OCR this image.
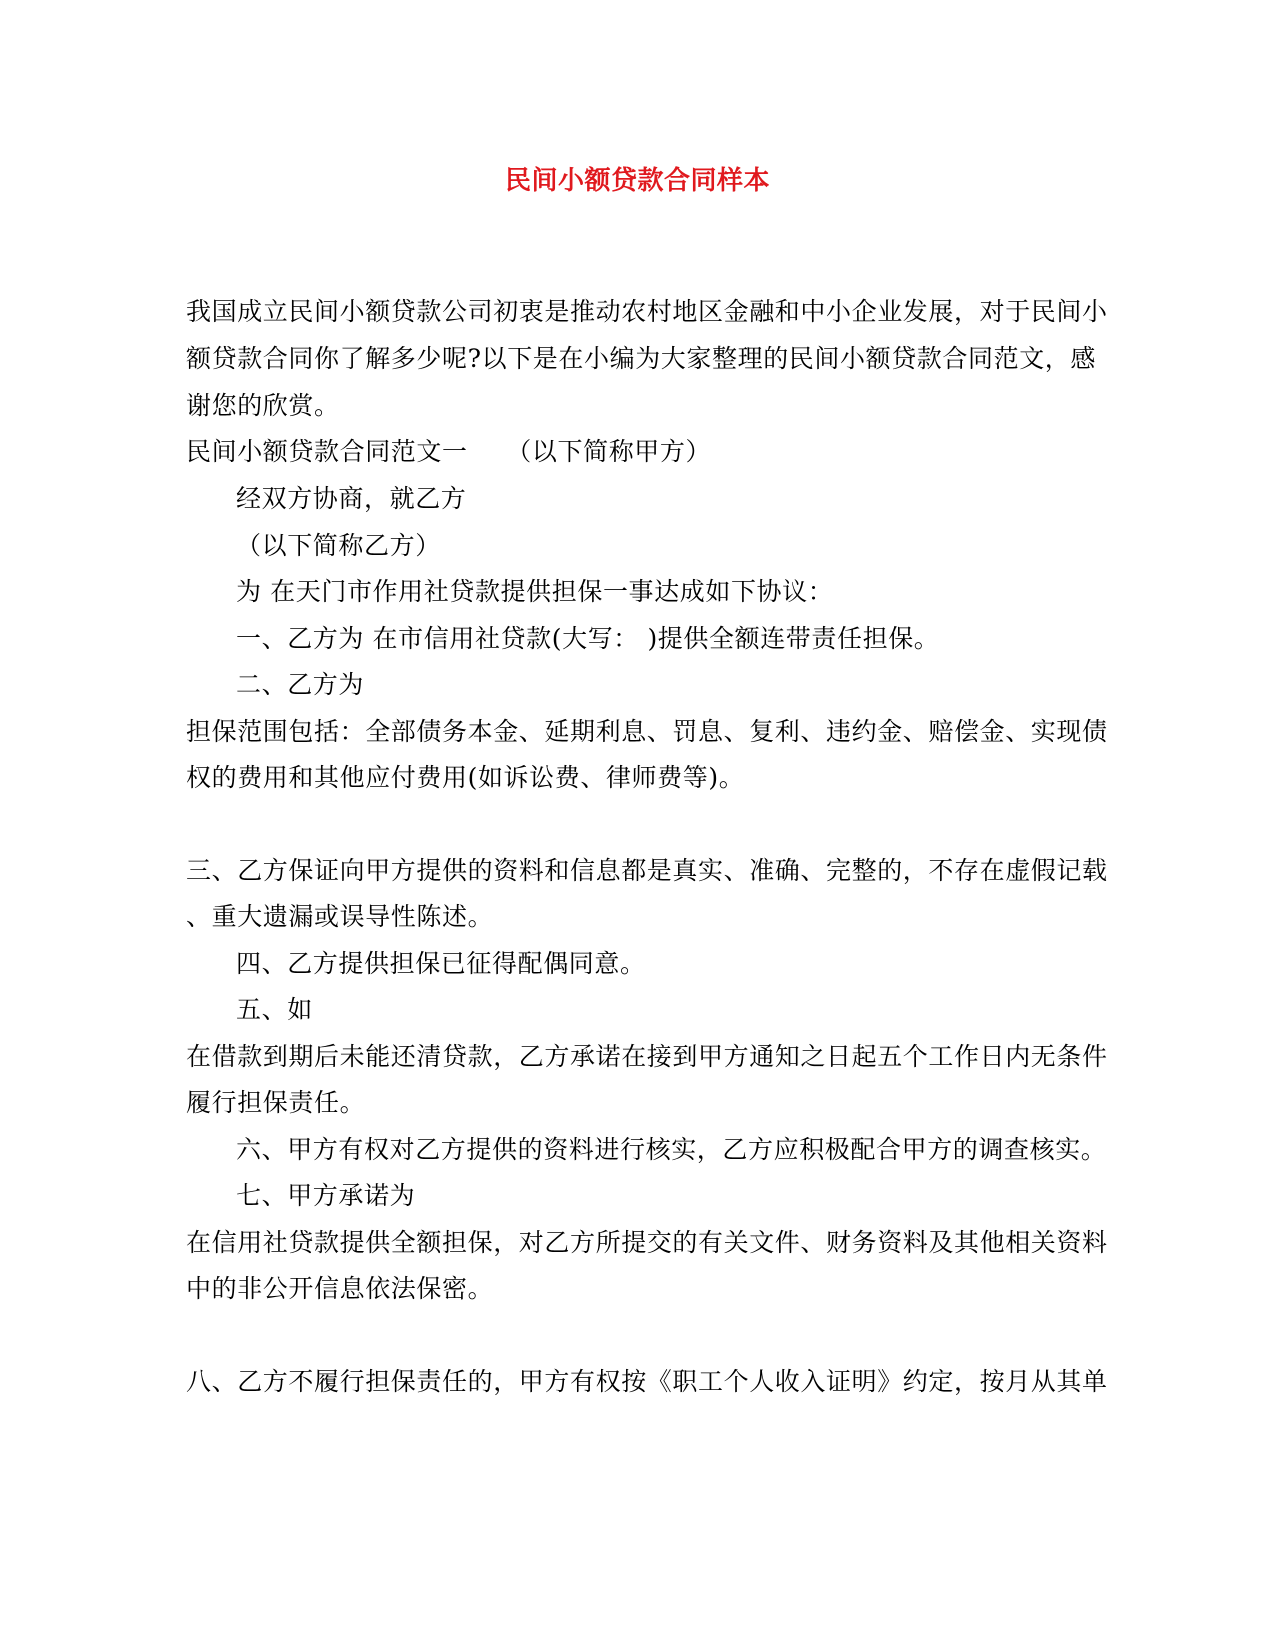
民间小额贷款合同样本
我国成立民间小额贷款公司初衷是推动农村地区金融和中小企业发展，对于民间小
额贷款合同你了解多少呢?以下是在小编为大家整理的民间小额贷款合同范文，感
谢您的欣赏。
民间小额贷款合同范文一　　（以下简称甲方）
经双方协商，就乙方
（以下简称乙方）
为 在天门市作用社贷款提供担保一事达成如下协议：
一、乙方为 在市信用社贷款(大写： )提供全额连带责任担保。
二、乙方为
担保范围包括：全部债务本金、延期利息、罚息、复利、违约金、赔偿金、实现债
权的费用和其他应付费用(如诉讼费、律师费等)。
三、乙方保证向甲方提供的资料和信息都是真实、准确、完整的，不存在虚假记载
、重大遗漏或误导性陈述。
四、乙方提供担保已征得配偶同意。
五、如
在借款到期后未能还清贷款，乙方承诺在接到甲方通知之日起五个工作日内无条件
履行担保责任。
六、甲方有权对乙方提供的资料进行核实，乙方应积极配合甲方的调查核实。
七、甲方承诺为
在信用社贷款提供全额担保，对乙方所提交的有关文件、财务资料及其他相关资料
中的非公开信息依法保密。
八、乙方不履行担保责任的，甲方有权按《职工个人收入证明》约定，按月从其单
